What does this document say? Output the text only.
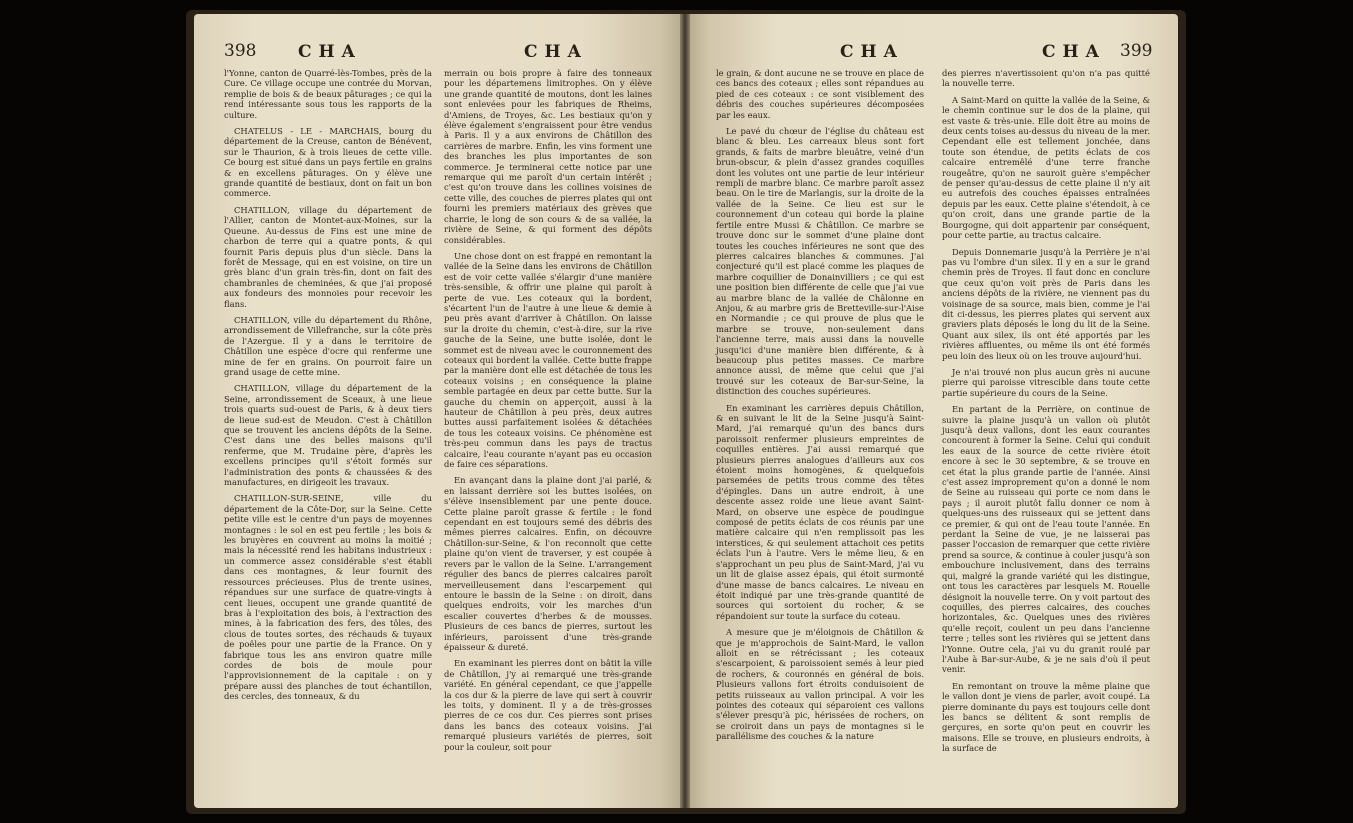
398 CHA	CHA

l'Yonne, canton de Quarré-lès-Tombes, près de la Cure. Ce village occupe une contrée du Morvan, remplie de bois & de beaux pâturages ; ce qui la rend intéressante sous tous les rapports de la culture.

CHATELUS - LE - MARCHAIS, bourg du département de la Creuse, canton de Bénévent, sur le Thaurion, & à trois lieues de cette ville. Ce bourg est situé dans un pays fertile en grains & en excellens pâturages. On y élève une grande quantité de bestiaux, dont on fait un bon commerce.

CHATILLON, village du département de l'Allier, canton de Montet-aux-Moines, sur la Queune. Au-dessus de Fins est une mine de charbon de terre qui a quatre ponts, & qui fournit Paris depuis plus d'un siècle. Dans la forêt de Message, qui en est voisine, on tire un grès blanc d'un grain très-fin, dont on fait des chambranles de cheminées, & que j'ai proposé aux fondeurs des monnoies pour recevoir les flans.

CHATILLON, ville du département du Rhône, arrondissement de Villefranche, sur la côte près de l'Azergue. Il y a dans le territoire de Châtillon une espèce d'ocre qui renferme une mine de fer en grains. On pourroit faire un grand usage de cette mine.

CHATILLON, village du département de la Seine, arrondissement de Sceaux, à une lieue trois quarts sud-ouest de Paris, & à deux tiers de lieue sud-est de Meudon. C'est à Châtillon que se trouvent les anciens dépôts de la Seine. C'est dans une des belles maisons qu'il renferme, que M. Trudaine père, d'après les excellens principes qu'il s'étoit formés sur l'administration des ponts & chaussées & des manufactures, en dirigeoit les travaux.

CHATILLON-SUR-SEINE, ville du département de la Côte-Dor, sur la Seine. Cette petite ville est le centre d'un pays de moyennes montagnes : le sol en est peu fertile ; les bois & les bruyères en couvrent au moins la moitié ; mais la nécessité rend les habitans industrieux : un commerce assez considérable s'est établi dans ces montagnes, & leur fournit des ressources précieuses. Plus de trente usines, répandues sur une surface de quatre-vingts à cent lieues, occupent une grande quantité de bras à l'exploitation des bois, à l'extraction des mines, à la fabrication des fers, des tôles, des clous de toutes sortes, des réchauds & tuyaux de poêles pour une partie de la France. On y fabrique tous les ans environ quatre mille cordes de bois de moule pour l'approvisionnement de la capitale : on y prépare aussi des planches de tout échantillon, des cercles, des tonneaux, & du

merrain ou bois propre à faire des tonneaux pour les départemens limitrophes. On y élève une grande quantité de moutons, dont les laines sont enlevées pour les fabriques de Rheims, d'Amiens, de Troyes, &c. Les bestiaux qu'on y élève également s'engraissent pour être vendus à Paris. Il y a aux environs de Châtillon des carrières de marbre. Enfin, les vins forment une des branches les plus importantes de son commerce. Je terminerai cette notice par une remarque qui me paroît d'un certain intérêt ; c'est qu'on trouve dans les collines voisines de cette ville, des couches de pierres plates qui ont fourni les premiers matériaux des grèves que charrie, le long de son cours & de sa vallée, la rivière de Seine, & qui forment des dépôts considérables.

Une chose dont on est frappé en remontant la vallée de la Seine dans les environs de Châtillon est de voir cette vallée s'élargir d'une manière très-sensible, & offrir une plaine qui paroît à perte de vue. Les coteaux qui la bordent, s'écartent l'un de l'autre à une lieue & demie à peu près avant d'arriver à Châtillon. On laisse sur la droite du chemin, c'est-à-dire, sur la rive gauche de la Seine, une butte isolée, dont le sommet est de niveau avec le couronnement des coteaux qui bordent la vallée. Cette butte frappe par la manière dont elle est détachée de tous les coteaux voisins ; en conséquence la plaine semble partagée en deux par cette butte. Sur la gauche du chemin on apperçoit, aussi à la hauteur de Châtillon à peu près, deux autres buttes aussi parfaitement isolées & détachées de tous les coteaux voisins. Ce phénomène est très-peu commun dans les pays de tractus calcaire, l'eau courante n'ayant pas eu occasion de faire ces séparations.

En avançant dans la plaine dont j'ai parlé, & en laissant derrière soi les buttes isolées, on s'élève insensiblement par une pente douce. Cette plaine paroît grasse & fertile : le fond cependant en est toujours semé des débris des mêmes pierres calcaires. Enfin, on découvre Châtillon-sur-Seine, & l'on reconnoît que cette plaine qu'on vient de traverser, y est coupée à revers par le vallon de la Seine. L'arrangement régulier des bancs de pierres calcaires paroît merveilleusement dans l'escarpement qui entoure le bassin de la Seine : on diroit, dans quelques endroits, voir les marches d'un escalier couvertes d'herbes & de mousses. Plusieurs de ces bancs de pierres, surtout les inférieurs, paroissent d'une très-grande épaisseur & dureté.

En examinant les pierres dont on bâtit la ville de Châtillon, j'y ai remarqué une très-grande variété. En général cependant, ce que j'appelle la cos dur & la pierre de lave qui sert à couvrir les toits, y dominent. Il y a de très-grosses pierres de ce cos dur. Ces pierres sont prises dans les bancs des coteaux voisins. J'ai remarqué plusieurs variétés de pierres, soit pour la couleur, soit pour

CHA	CHA 399

le grain, & dont aucune ne se trouve en place de ces bancs des coteaux ; elles sont répandues au pied de ces coteaux : ce sont visiblement des débris des couches supérieures décomposées par les eaux.

Le pavé du chœur de l'église du château est blanc & bleu. Les carreaux bleus sont fort grands, & faits de marbre bleuâtre, veiné d'un brun-obscur, & plein d'assez grandes coquilles dont les volutes ont une partie de leur intérieur rempli de marbre blanc. Ce marbre paroît assez beau. On le tire de Marlangis, sur la droite de la vallée de la Seine. Ce lieu est sur le couronnement d'un coteau qui borde la plaine fertile entre Mussi & Châtillon. Ce marbre se trouve donc sur le sommet d'une plaine dont toutes les couches inférieures ne sont que des pierres calcaires blanches & communes. J'ai conjecturé qu'il est placé comme les plaques de marbre coquillier de Donainvilliers ; ce qui est une position bien différente de celle que j'ai vue au marbre blanc de la vallée de Châlonne en Anjou, & au marbre gris de Bretteville-sur-l'Aise en Normandie ; ce qui prouve de plus que le marbre se trouve, non-seulement dans l'ancienne terre, mais aussi dans la nouvelle jusqu'ici d'une manière bien différente, & à beaucoup plus petites masses. Ce marbre annonce aussi, de même que celui que j'ai trouvé sur les coteaux de Bar-sur-Seine, la distinction des couches supérieures.

En examinant les carrières depuis Châtillon, & en suivant le lit de la Seine jusqu'à Saint-Mard, j'ai remarqué qu'un des bancs durs paroissoit renfermer plusieurs empreintes de coquilles entières. J'ai aussi remarqué que plusieurs pierres analogues d'ailleurs aux cos étoient moins homogènes, & quelquefois parsemées de petits trous comme des têtes d'épingles. Dans un autre endroit, à une descente assez roide une lieue avant Saint-Mard, on observe une espèce de poudingue composé de petits éclats de cos réunis par une matière calcaire qui n'en remplissoit pas les interstices, & qui seulement attachoit ces petits éclats l'un à l'autre. Vers le même lieu, & en s'approchant un peu plus de Saint-Mard, j'ai vu un lit de glaise assez épais, qui étoit surmonté d'une masse de bancs calcaires. Le niveau en étoit indiqué par une très-grande quantité de sources qui sortoient du rocher, & se répandoient sur toute la surface du coteau.

A mesure que je m'éloignois de Châtillon & que je m'approchois de Saint-Mard, le vallon alloit en se rétrécissant ; les coteaux s'escarpoient, & paroissoient semés à leur pied de rochers, & couronnés en général de bois. Plusieurs vallons fort étroits conduisoient de petits ruisseaux au vallon principal. A voir les pointes des coteaux qui séparoient ces vallons s'élever presqu'à pic, hérissées de rochers, on se croiroit dans un pays de montagnes si le parallélisme des couches & la nature

des pierres n'avertissoient qu'on n'a pas quitté la nouvelle terre.

A Saint-Mard on quitte la vallée de la Seine, & le chemin continue sur le dos de la plaine, qui est vaste & très-unie. Elle doit être au moins de deux cents toises au-dessus du niveau de la mer. Cependant elle est tellement jonchée, dans toute son étendue, de petits éclats de cos calcaire entremêlé d'une terre franche rougeâtre, qu'on ne sauroit guère s'empêcher de penser qu'au-dessus de cette plaine il n'y ait eu autrefois des couches épaisses entraînées depuis par les eaux. Cette plaine s'étendoit, à ce qu'on croit, dans une grande partie de la Bourgogne, qui doit appartenir par conséquent, pour cette partie, au tractus calcaire.

Depuis Donnemarie jusqu'à la Perrière je n'ai pas vu l'ombre d'un silex. Il y en a sur le grand chemin près de Troyes. Il faut donc en conclure que ceux qu'on voit près de Paris dans les anciens dépôts de la rivière, ne viennent pas du voisinage de sa source, mais bien, comme je l'ai dit ci-dessus, les pierres plates qui servent aux graviers plats déposés le long du lit de la Seine. Quant aux silex, ils ont été apportés par les rivières affluentes, ou même ils ont été formés peu loin des lieux où on les trouve aujourd'hui.

Je n'ai trouvé non plus aucun grès ni aucune pierre qui paroisse vitrescible dans toute cette partie supérieure du cours de la Seine.

En partant de la Perrière, on continue de suivre la plaine jusqu'à un vallon où plutôt jusqu'à deux vallons, dont les eaux courantes concourent à former la Seine. Celui qui conduit les eaux de la source de cette rivière étoit encore à sec le 30 septembre, & se trouve en cet état la plus grande partie de l'année. Ainsi c'est assez improprement qu'on a donné le nom de Seine au ruisseau qui porte ce nom dans le pays ; il auroit plutôt fallu donner ce nom à quelques-uns des ruisseaux qui se jettent dans ce premier, & qui ont de l'eau toute l'année. En perdant la Seine de vue, je ne laisserai pas passer l'occasion de remarquer que cette rivière prend sa source, & continue à couler jusqu'à son embouchure inclusivement, dans des terrains qui, malgré la grande variété qui les distingue, ont tous les caractères par lesquels M. Rouelle désignoit la nouvelle terre. On y voit partout des coquilles, des pierres calcaires, des couches horizontales, &c. Quelques unes des rivières qu'elle reçoit, coulent un peu dans l'ancienne terre ; telles sont les rivières qui se jettent dans l'Yonne. Outre cela, j'ai vu du granit roulé par l'Aube à Bar-sur-Aube, & je ne sais d'où il peut venir.

En remontant on trouve la même plaine que le vallon dont je viens de parler, avoit coupé. La pierre dominante du pays est toujours celle dont les bancs se délitent & sont remplis de gerçures, en sorte qu'on peut en couvrir les maisons. Elle se trouve, en plusieurs endroits, à la surface de
